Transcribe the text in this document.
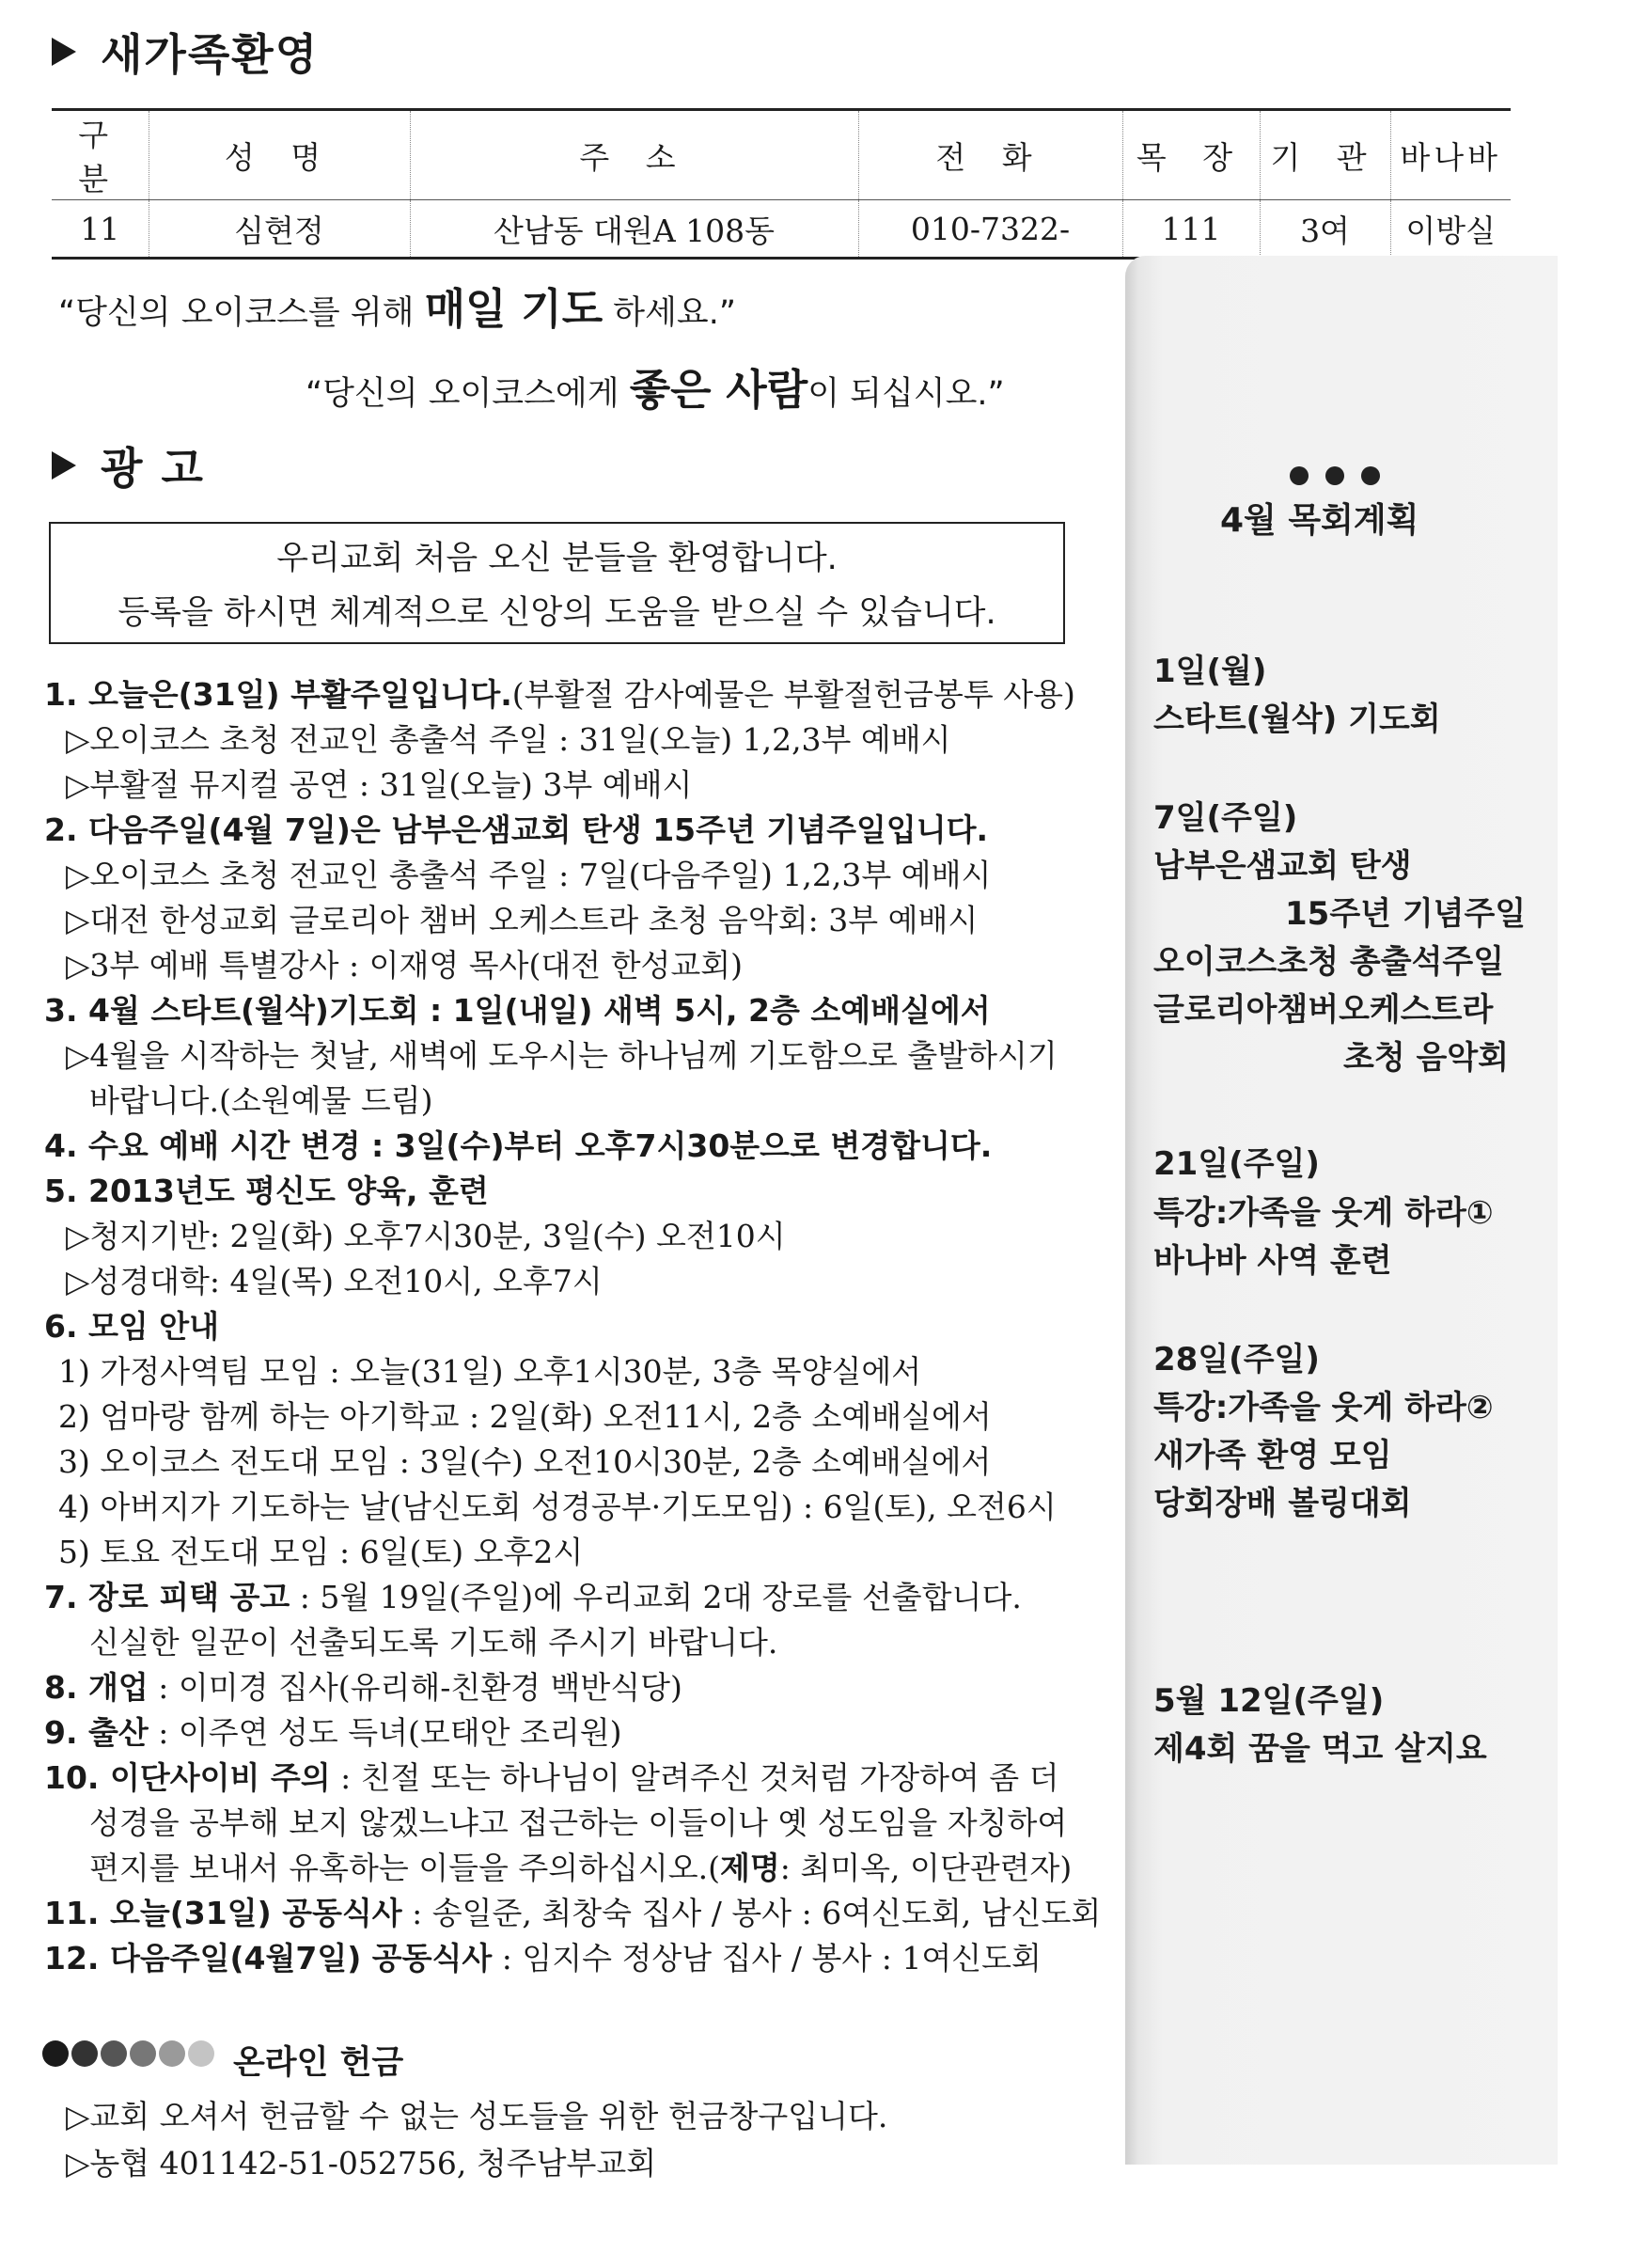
새가족환영
구 분	성 명	주 소	전 화	목 장	기 관	바나바
11	심현정	산남동 대원A 108동	010-7322-	111	3여	이방실
“당신의 오이코스를 위해 매일 기도 하세요.”
“당신의 오이코스에게 좋은 사람이 되십시오.”
광 고
우리교회 처음 오신 분들을 환영합니다.
등록을 하시면 체계적으로 신앙의 도움을 받으실 수 있습니다.
1. 오늘은(31일) 부활주일입니다.(부활절 감사예물은 부활절헌금봉투 사용)
▷오이코스 초청 전교인 총출석 주일 : 31일(오늘) 1,2,3부 예배시
▷부활절 뮤지컬 공연 : 31일(오늘) 3부 예배시
2. 다음주일(4월 7일)은 남부은샘교회 탄생 15주년 기념주일입니다.
▷오이코스 초청 전교인 총출석 주일 : 7일(다음주일) 1,2,3부 예배시
▷대전 한성교회 글로리아 챔버 오케스트라 초청 음악회: 3부 예배시
▷3부 예배 특별강사 : 이재영 목사(대전 한성교회)
3. 4월 스타트(월삭)기도회 : 1일(내일) 새벽 5시, 2층 소예배실에서
▷4월을 시작하는 첫날, 새벽에 도우시는 하나님께 기도함으로 출발하시기
바랍니다.(소원예물 드림)
4. 수요 예배 시간 변경 : 3일(수)부터 오후7시30분으로 변경합니다.
5. 2013년도 평신도 양육, 훈련
▷청지기반: 2일(화) 오후7시30분, 3일(수) 오전10시
▷성경대학: 4일(목) 오전10시, 오후7시
6. 모임 안내
1) 가정사역팀 모임 : 오늘(31일) 오후1시30분, 3층 목양실에서
2) 엄마랑 함께 하는 아기학교 : 2일(화) 오전11시, 2층 소예배실에서
3) 오이코스 전도대 모임 : 3일(수) 오전10시30분, 2층 소예배실에서
4) 아버지가 기도하는 날(남신도회 성경공부·기도모임) : 6일(토), 오전6시
5) 토요 전도대 모임 : 6일(토) 오후2시
7. 장로 피택 공고 : 5월 19일(주일)에 우리교회 2대 장로를 선출합니다.
신실한 일꾼이 선출되도록 기도해 주시기 바랍니다.
8. 개업 : 이미경 집사(유리해-친환경 백반식당)
9. 출산 : 이주연 성도 득녀(모태안 조리원)
10. 이단사이비 주의 : 친절 또는 하나님이 알려주신 것처럼 가장하여 좀 더
성경을 공부해 보지 않겠느냐고 접근하는 이들이나 옛 성도임을 자칭하여
편지를 보내서 유혹하는 이들을 주의하십시오.(제명: 최미옥, 이단관련자)
11. 오늘(31일) 공동식사 : 송일준, 최창숙 집사 / 봉사 : 6여신도회, 남신도회
12. 다음주일(4월7일) 공동식사 : 임지수 정상남 집사 / 봉사 : 1여신도회
온라인 헌금
▷교회 오셔서 헌금할 수 없는 성도들을 위한 헌금창구입니다.
▷농협 401142-51-052756, 청주남부교회
4월 목회계획
1일(월)
스타트(월삭) 기도회
7일(주일)
남부은샘교회 탄생
15주년 기념주일
오이코스초청 총출석주일
글로리아챔버오케스트라
초청 음악회
21일(주일)
특강:가족을 웃게 하라①
바나바 사역 훈련
28일(주일)
특강:가족을 웃게 하라②
새가족 환영 모임
당회장배 볼링대회
5월 12일(주일)
제4회 꿈을 먹고 살지요
